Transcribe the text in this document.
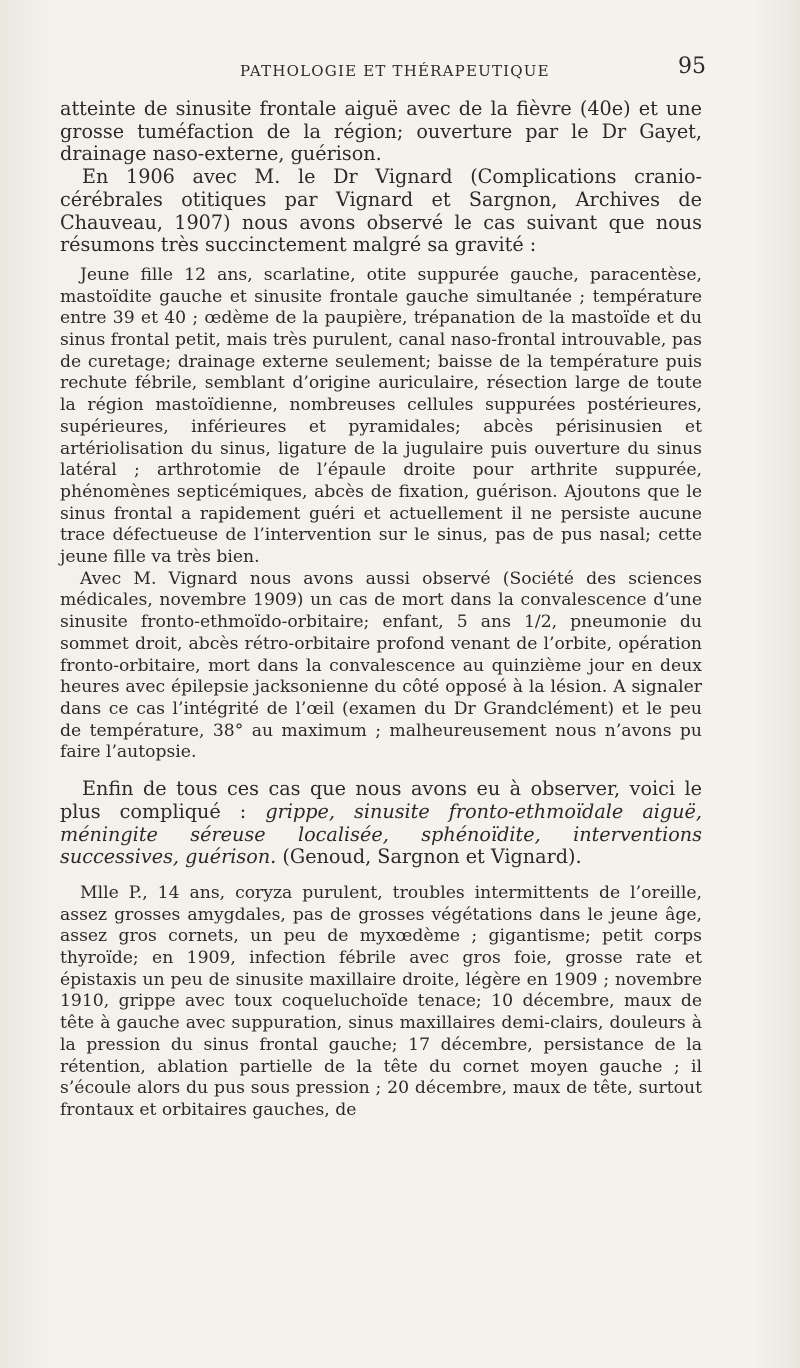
PATHOLOGIE ET THÉRAPEUTIQUE	95

atteinte de sinusite frontale aiguë avec de la fièvre (40e) et une grosse tuméfaction de la région; ouverture par le Dr Gayet, drainage naso-externe, guérison.

En 1906 avec M. le Dr Vignard (Complications cranio-cérébrales otitiques par Vignard et Sargnon, Archives de Chauveau, 1907) nous avons observé le cas suivant que nous résumons très succinctement malgré sa gravité :

Jeune fille 12 ans, scarlatine, otite suppurée gauche, paracentèse, mastoïdite gauche et sinusite frontale gauche simultanée ; température entre 39 et 40 ; œdème de la paupière, trépanation de la mastoïde et du sinus frontal petit, mais très purulent, canal naso-frontal introuvable, pas de curetage; drainage externe seulement; baisse de la température puis rechute fébrile, semblant d’origine auriculaire, résection large de toute la région mastoïdienne, nombreuses cellules suppurées postérieures, supérieures, inférieures et pyramidales; abcès périsinusien et artériolisation du sinus, ligature de la jugulaire puis ouverture du sinus latéral ; arthrotomie de l’épaule droite pour arthrite suppurée, phénomènes septicémiques, abcès de fixation, guérison. Ajoutons que le sinus frontal a rapidement guéri et actuellement il ne persiste aucune trace défectueuse de l’intervention sur le sinus, pas de pus nasal; cette jeune fille va très bien.

Avec M. Vignard nous avons aussi observé (Société des sciences médicales, novembre 1909) un cas de mort dans la convalescence d’une sinusite fronto-ethmoïdo-orbitaire; enfant, 5 ans 1/2, pneumonie du sommet droit, abcès rétro-orbitaire profond venant de l’orbite, opération fronto-orbitaire, mort dans la convalescence au quinzième jour en deux heures avec épilepsie jacksonienne du côté opposé à la lésion. A signaler dans ce cas l’intégrité de l’œil (examen du Dr Grandclément) et le peu de température, 38° au maximum ; malheureusement nous n’avons pu faire l’autopsie.

Enfin de tous ces cas que nous avons eu à observer, voici le plus compliqué : grippe, sinusite fronto-ethmoïdale aiguë, méningite séreuse localisée, sphénoïdite, interventions successives, guérison. (Genoud, Sargnon et Vignard).

Mlle P., 14 ans, coryza purulent, troubles intermittents de l’oreille, assez grosses amygdales, pas de grosses végétations dans le jeune âge, assez gros cornets, un peu de myxœdème ; gigantisme; petit corps thyroïde; en 1909, infection fébrile avec gros foie, grosse rate et épistaxis un peu de sinusite maxillaire droite, légère en 1909 ; novembre 1910, grippe avec toux coqueluchoïde tenace; 10 décembre, maux de tête à gauche avec suppuration, sinus maxillaires demi-clairs, douleurs à la pression du sinus frontal gauche; 17 décembre, persistance de la rétention, ablation partielle de la tête du cornet moyen gauche ; il s’écoule alors du pus sous pression ; 20 décembre, maux de tête, surtout frontaux et orbitaires gauches, de
